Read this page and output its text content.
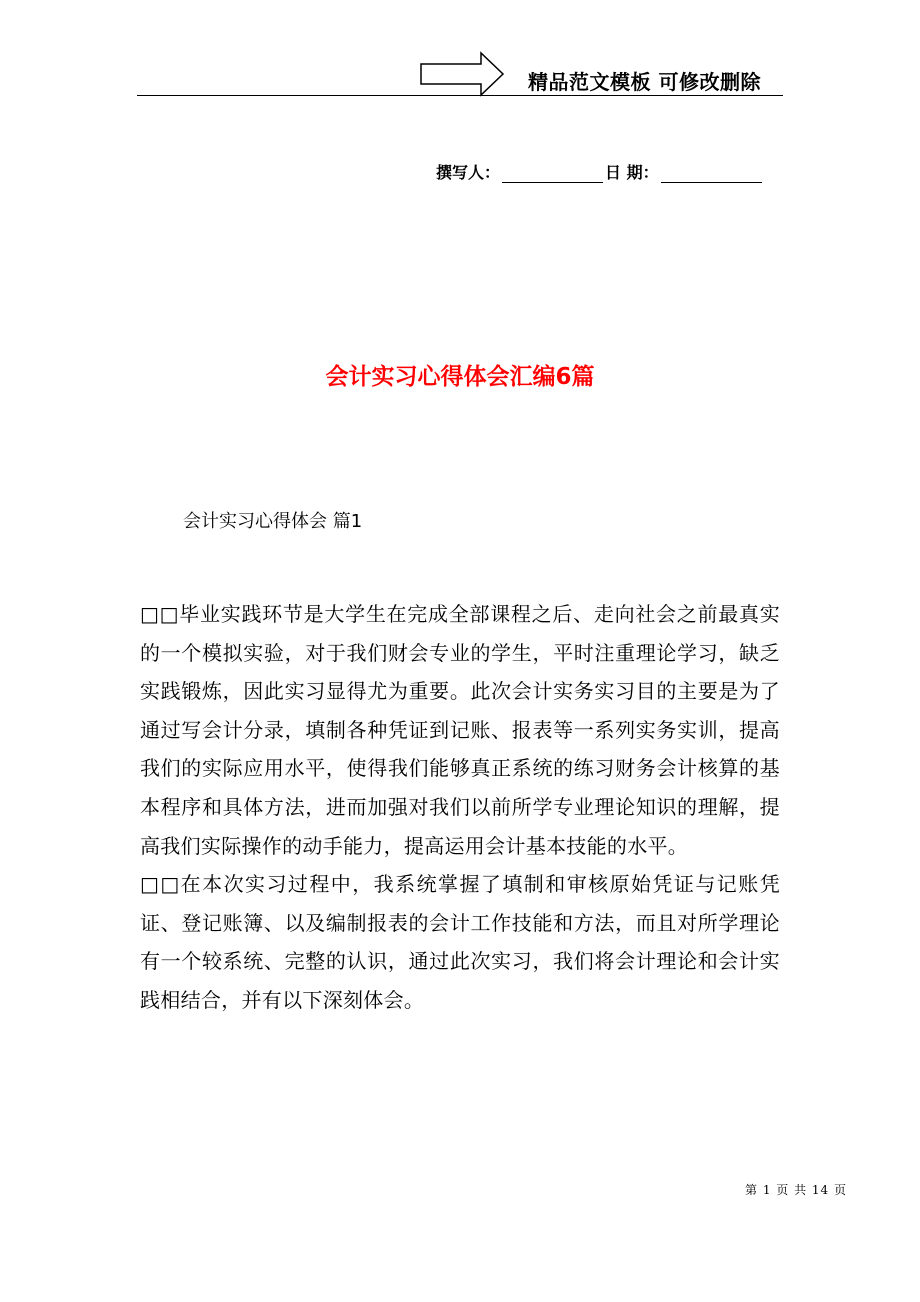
精品范文模板 可修改删除
撰写人：	日 期：
会计实习心得体会汇编6篇
会计实习心得体会 篇1

□□毕业实践环节是大学生在完成全部课程之后、走向社会之前最真实的一个模拟实验，对于我们财会专业的学生，平时注重理论学习，缺乏实践锻炼，因此实习显得尤为重要。此次会计实务实习目的主要是为了通过写会计分录，填制各种凭证到记账、报表等一系列实务实训，提高我们的实际应用水平，使得我们能够真正系统的练习财务会计核算的基本程序和具体方法，进而加强对我们以前所学专业理论知识的理解，提高我们实际操作的动手能力，提高运用会计基本技能的水平。

□□在本次实习过程中，我系统掌握了填制和审核原始凭证与记账凭证、登记账簿、以及编制报表的会计工作技能和方法，而且对所学理论有一个较系统、完整的认识，通过此次实习，我们将会计理论和会计实践相结合，并有以下深刻体会。

第 1 页 共 14 页
